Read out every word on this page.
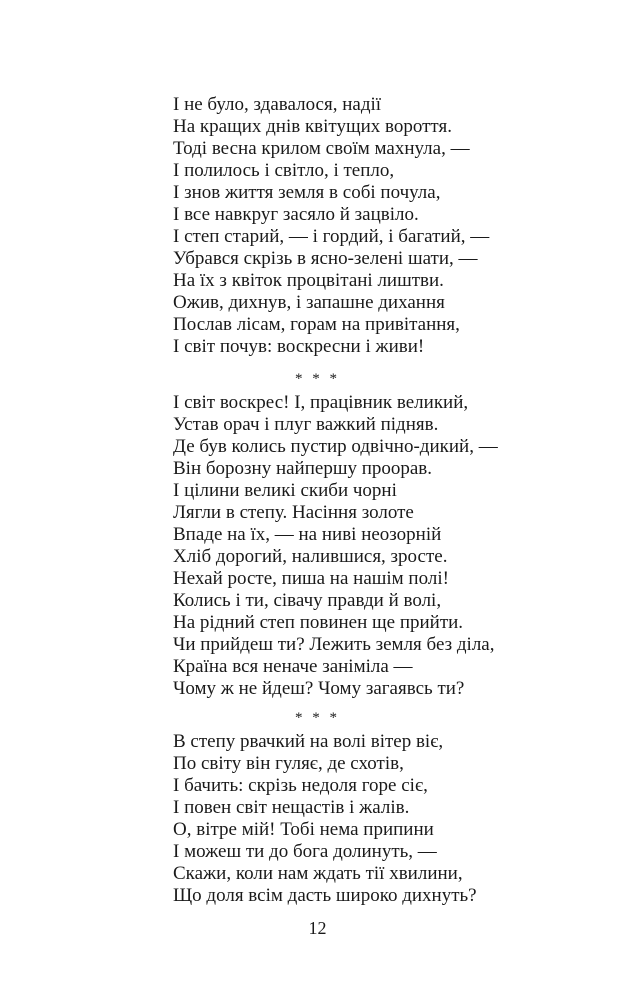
І не було, здавалося, надії
На кращих днів квітущих вороття.
Тоді весна крилом своїм махнула, —
І полилось і світло, і тепло,
І знов життя земля в собі почула,
І все навкруг засяло й зацвіло.
І степ старий, — і гордий, і багатий, —
Убрався скрізь в ясно-зелені шати, —
На їх з квіток процвітані лиштви.
Ожив, дихнув, і запашне дихання
Послав лісам, горам на привітання,
І світ почув: воскресни і живи!
* * *
І світ воскрес! І, працівник великий,
Устав орач і плуг важкий підняв.
Де був колись пустир одвічно-дикий, —
Він борозну найпершу проорав.
І цілини великі скиби чорні
Лягли в степу. Насіння золоте
Впаде на їх, — на ниві неозорній
Хліб дорогий, налившися, зросте.
Нехай росте, пиша на нашім полі!
Колись і ти, сівачу правди й волі,
На рідний степ повинен ще прийти.
Чи прийдеш ти? Лежить земля без діла,
Країна вся неначе заніміла —
Чому ж не йдеш? Чому загаявсь ти?
* * *
В степу рвачкий на волі вітер віє,
По світу він гуляє, де схотів,
І бачить: скрізь недоля горе сіє,
І повен світ нещастів і жалів.
О, вітре мій! Тобі нема припини
І можеш ти до бога долинуть, —
Скажи, коли нам ждать тії хвилини,
Що доля всім дасть широко дихнуть?
12
